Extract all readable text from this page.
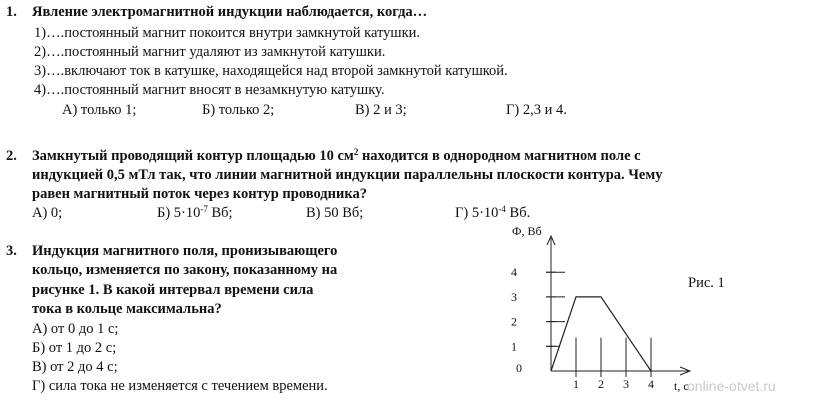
1. Явление электромагнитной индукции наблюдается, когда…
1)….постоянный магнит покоится внутри замкнутой катушки.
2)….постоянный магнит удаляют из замкнутой катушки.
3)….включают ток в катушке, находящейся над второй замкнутой катушкой.
4)….постоянный магнит вносят в незамкнутую катушку.
А) только 1;	Б) только 2;	В) 2 и 3;	Г) 2,3 и 4.
2. Замкнутый проводящий контур площадью 10 $см^2$ находится в однородном магнитном поле с
индукцией 0,5 мТл так, что линии магнитной индукции параллельны плоскости контура. Чему
равен магнитный поток через контур проводника?
А) 0;	Б) $5\cdot 10^{-7}$ Вб;	В) 50 Вб;	Г) $5\cdot 10^{-4}$ Вб.
3. Индукция магнитного поля, пронизывающего
кольцо, изменяется по закону, показанному на
рисунке 1. В какой интервал времени сила
тока в кольце максимальна?
А) от 0 до 1 с;
Б) от 1 до 2 с;
В) от 2 до 4 с;
Г) сила тока не изменяется с течением времени.
1
2
3
4
1 2 3 4
Ф, Вб
t, c
0
Рис. 1
online-otvet.ru
